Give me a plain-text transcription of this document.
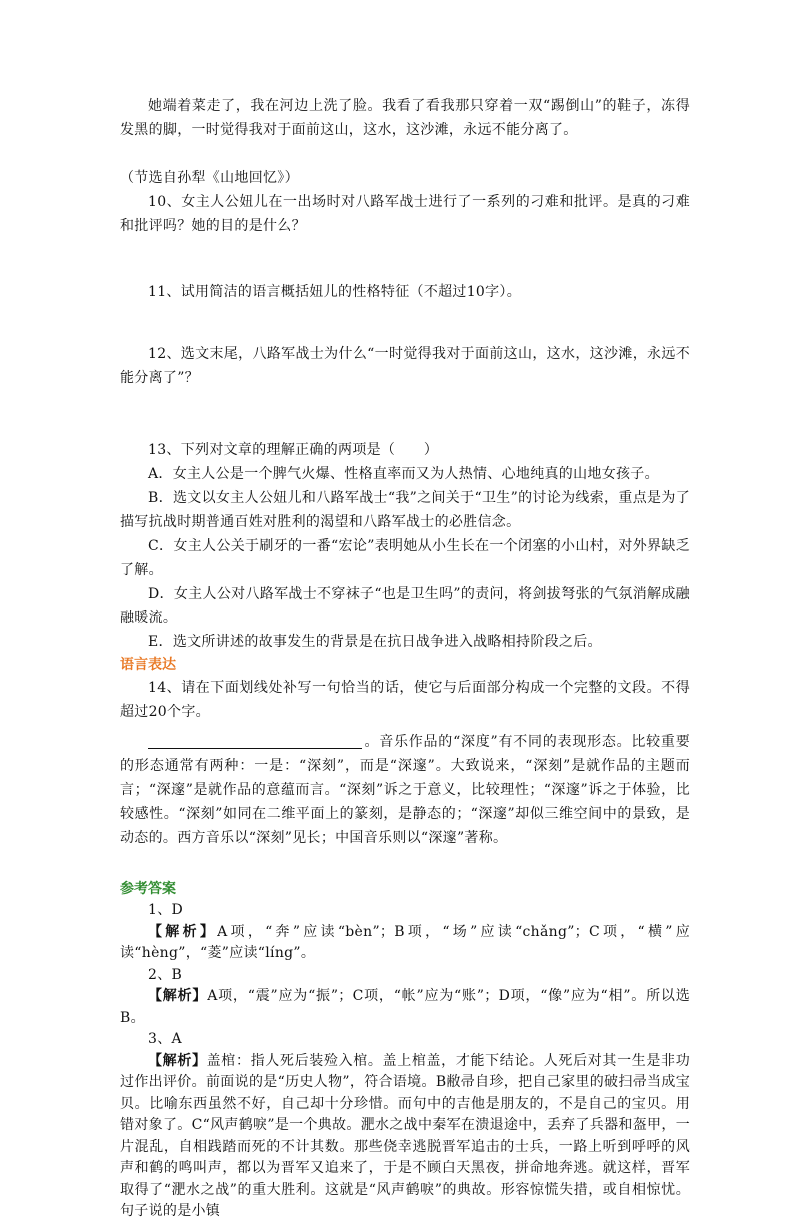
她端着菜走了，我在河边上洗了脸。我看了看我那只穿着一双“踢倒山”的鞋子，冻得发黑的脚，一时觉得我对于面前这山，这水，这沙滩，永远不能分离了。

（节选自孙犁《山地回忆》）

10、女主人公妞儿在一出场时对八路军战士进行了一系列的刁难和批评。是真的刁难和批评吗？她的目的是什么？

11、试用简洁的语言概括妞儿的性格特征（不超过10字）。

12、选文末尾，八路军战士为什么“一时觉得我对于面前这山，这水，这沙滩，永远不能分离了”？

13、下列对文章的理解正确的两项是（　　）

A．女主人公是一个脾气火爆、性格直率而又为人热情、心地纯真的山地女孩子。

B．选文以女主人公妞儿和八路军战士“我”之间关于“卫生”的讨论为线索，重点是为了描写抗战时期普通百姓对胜利的渴望和八路军战士的必胜信念。

C．女主人公关于刷牙的一番“宏论”表明她从小生长在一个闭塞的小山村，对外界缺乏了解。

D．女主人公对八路军战士不穿袜子“也是卫生吗”的责问，将剑拔弩张的气氛消解成融融暖流。

E．选文所讲述的故事发生的背景是在抗日战争进入战略相持阶段之后。

语言表达

14、请在下面划线处补写一句恰当的话，使它与后面部分构成一个完整的文段。不得超过20个字。

。音乐作品的“深度”有不同的表现形态。比较重要的形态通常有两种：一是：“深刻”，而是“深邃”。大致说来，“深刻”是就作品的主题而言；“深邃”是就作品的意蕴而言。“深刻”诉之于意义，比较理性；“深邃”诉之于体验，比较感性。“深刻”如同在二维平面上的篆刻，是静态的；“深邃”却似三维空间中的景致，是动态的。西方音乐以“深刻”见长；中国音乐则以“深邃”著称。

参考答案

1、D

【解析】A项，“奔”应读“bèn”；B项，“场”应读“chǎng”；C项，“横”应读“hèng”，“菱”应读“líng”。

2、B

【解析】A项，“震”应为“振”；C项，“帐”应为“账”；D项，“像”应为“相”。所以选B。

3、A

【解析】盖棺：指人死后装殓入棺。盖上棺盖，才能下结论。人死后对其一生是非功过作出评价。前面说的是“历史人物”，符合语境。B敝帚自珍，把自己家里的破扫帚当成宝贝。比喻东西虽然不好，自己却十分珍惜。而句中的吉他是朋友的，不是自己的宝贝。用错对象了。C“风声鹤唳”是一个典故。淝水之战中秦军在溃退途中，丢弃了兵器和盔甲，一片混乱，自相践踏而死的不计其数。那些侥幸逃脱晋军追击的士兵，一路上听到呼呼的风声和鹤的鸣叫声，都以为晋军又追来了，于是不顾白天黑夜，拼命地奔逃。就这样，晋军取得了“淝水之战”的重大胜利。这就是“风声鹤唳”的典故。形容惊慌失措，或自相惊忧。句子说的是小镇
